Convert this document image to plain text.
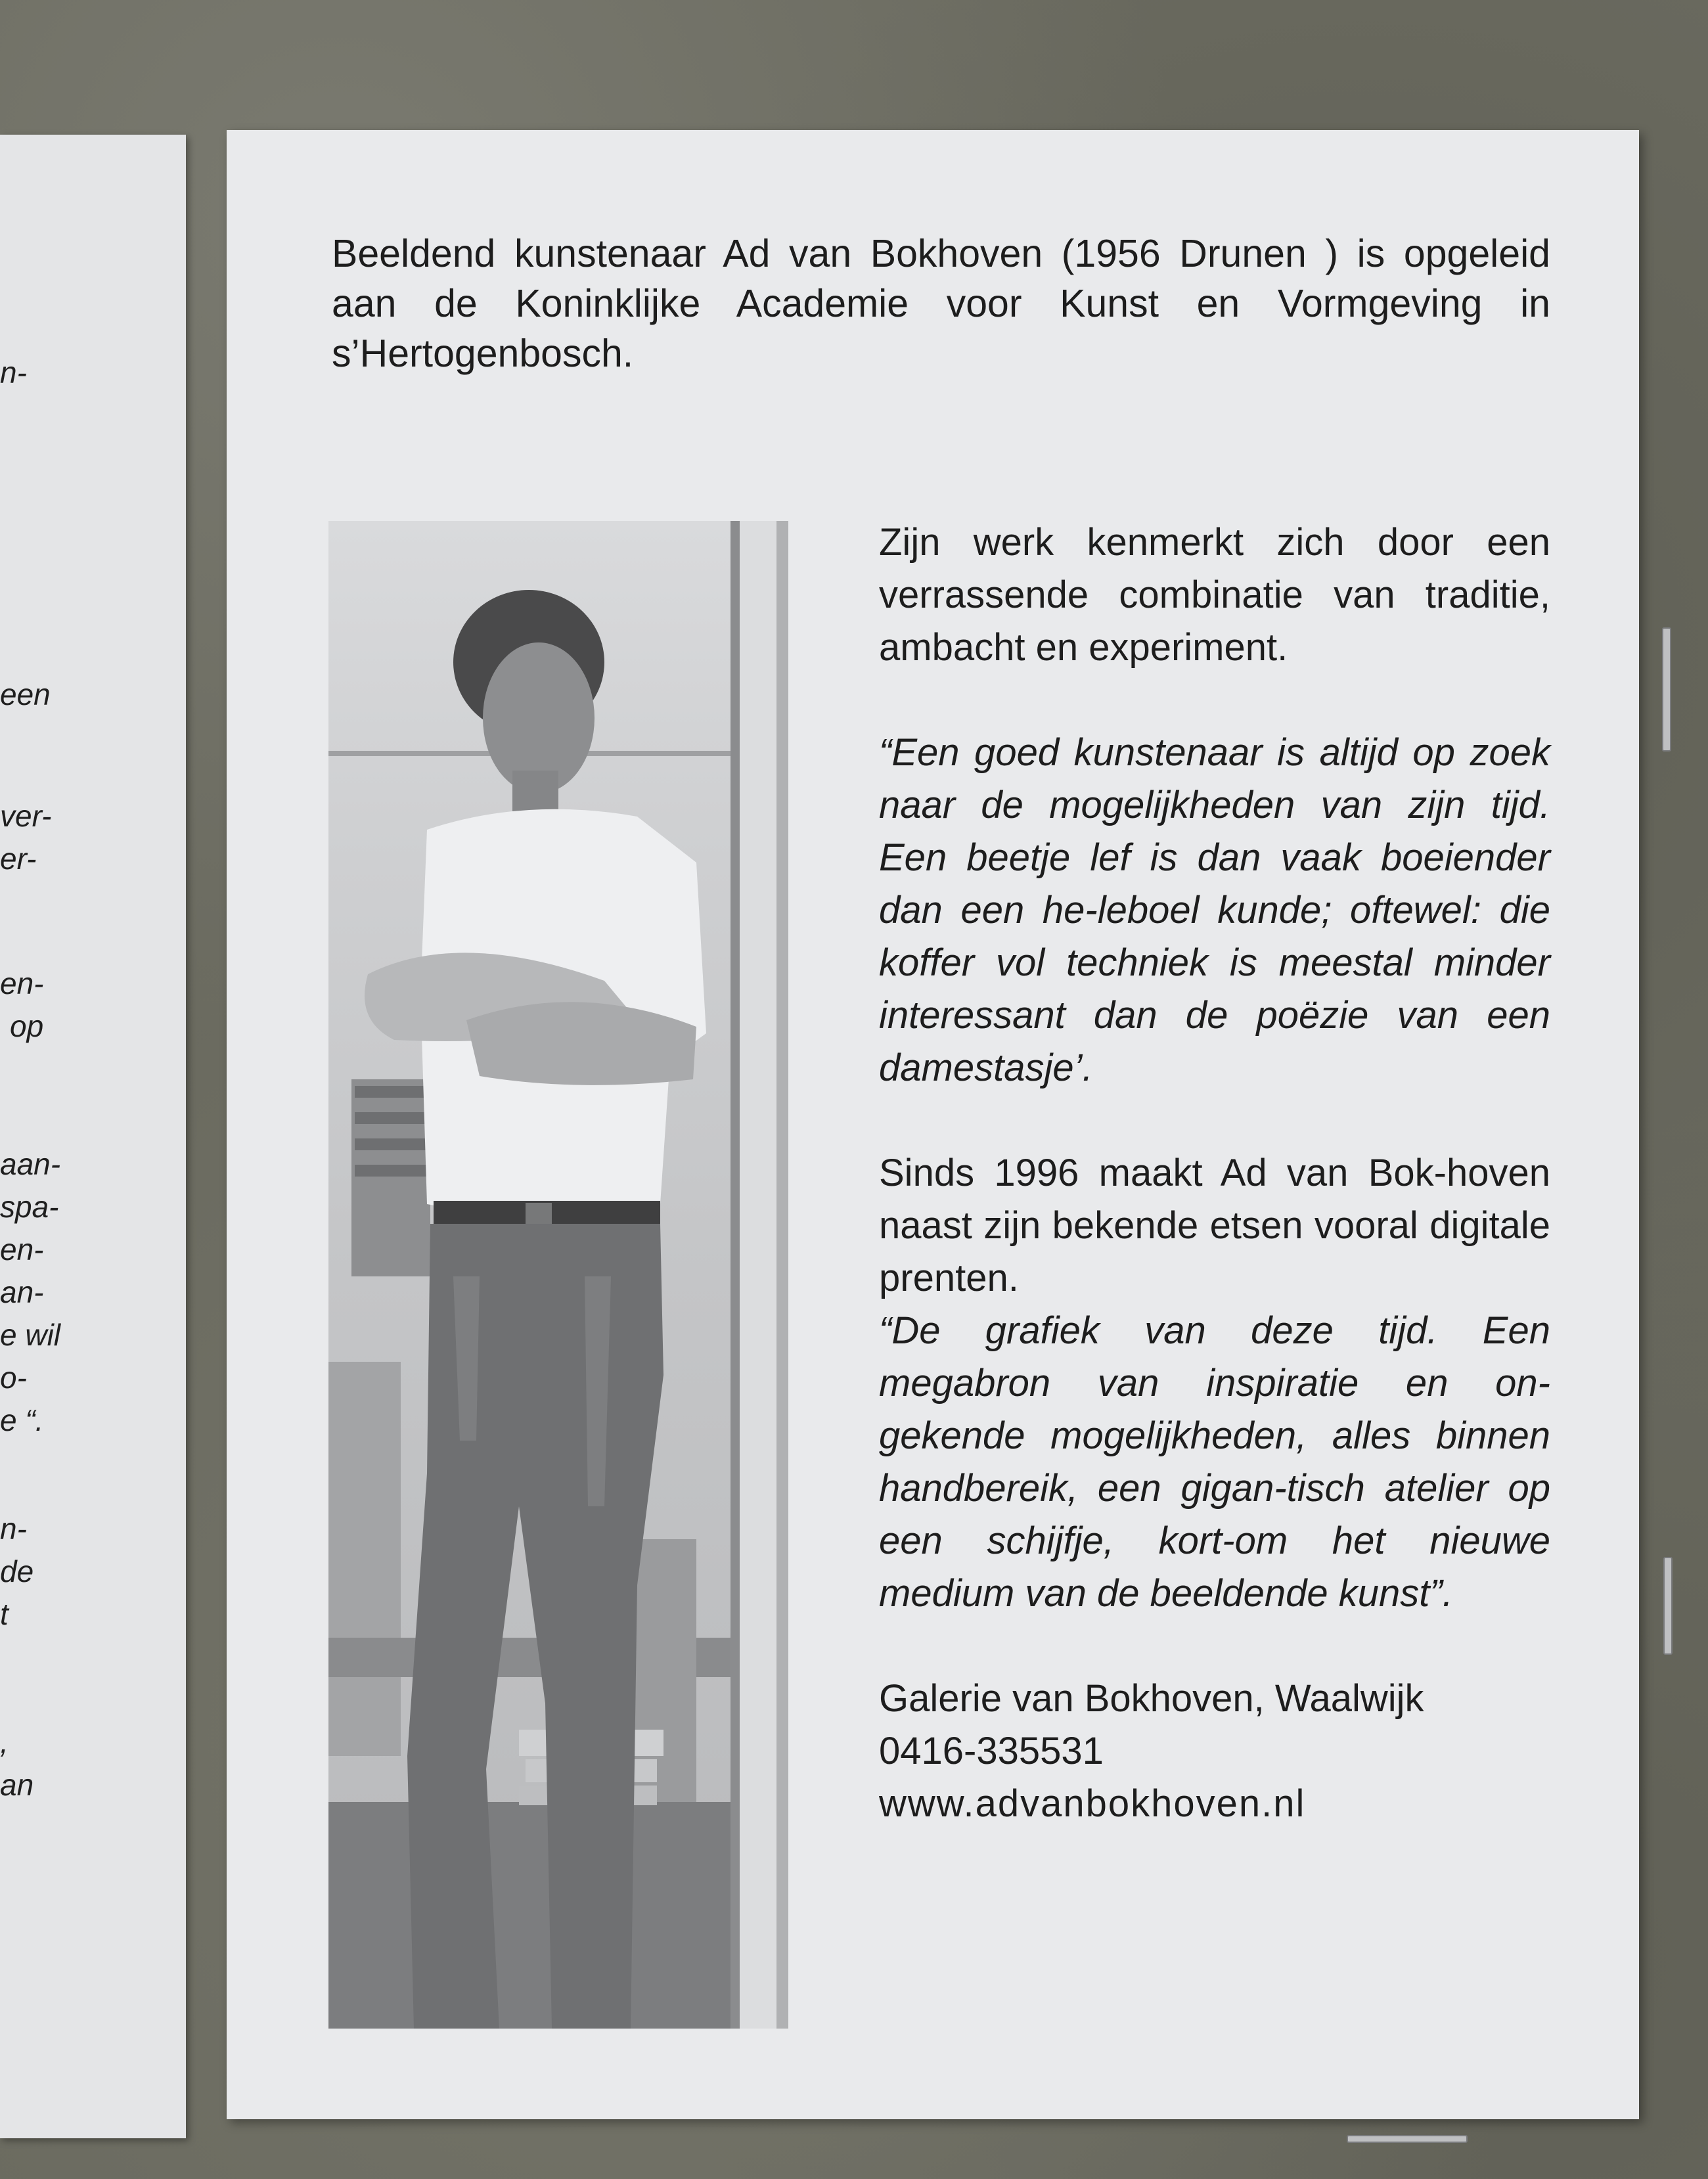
n-
een
ver-
er-
en-
op
aan-
spa-
en-
an-
e wil
o-
e “.
n-
de
t
,
an

Beeldend kunstenaar Ad van Bokhoven (1956 Drunen ) is opgeleid aan de Koninklijke Academie voor Kunst en Vormgeving in s’Hertogenbosch.

Zijn werk kenmerkt zich door een verrassende combinatie van traditie, ambacht en experiment.

“Een goed kunstenaar is altijd op zoek naar de mogelijkheden van zijn tijd. Een beetje lef is dan vaak boeiender dan een he-leboel kunde; oftewel: die koffer vol techniek is meestal minder interessant dan de poëzie van een damestasje’.

Sinds 1996 maakt Ad van Bok-hoven naast zijn bekende etsen vooral digitale prenten.

“De grafiek van deze tijd. Een megabron van inspiratie en on-gekende mogelijkheden, alles binnen handbereik, een gigan-tisch atelier op een schijfje, kort-om het nieuwe medium van de beeldende kunst”.

Galerie van Bokhoven, Waalwijk

0416-335531

www.advanbokhoven.nl
